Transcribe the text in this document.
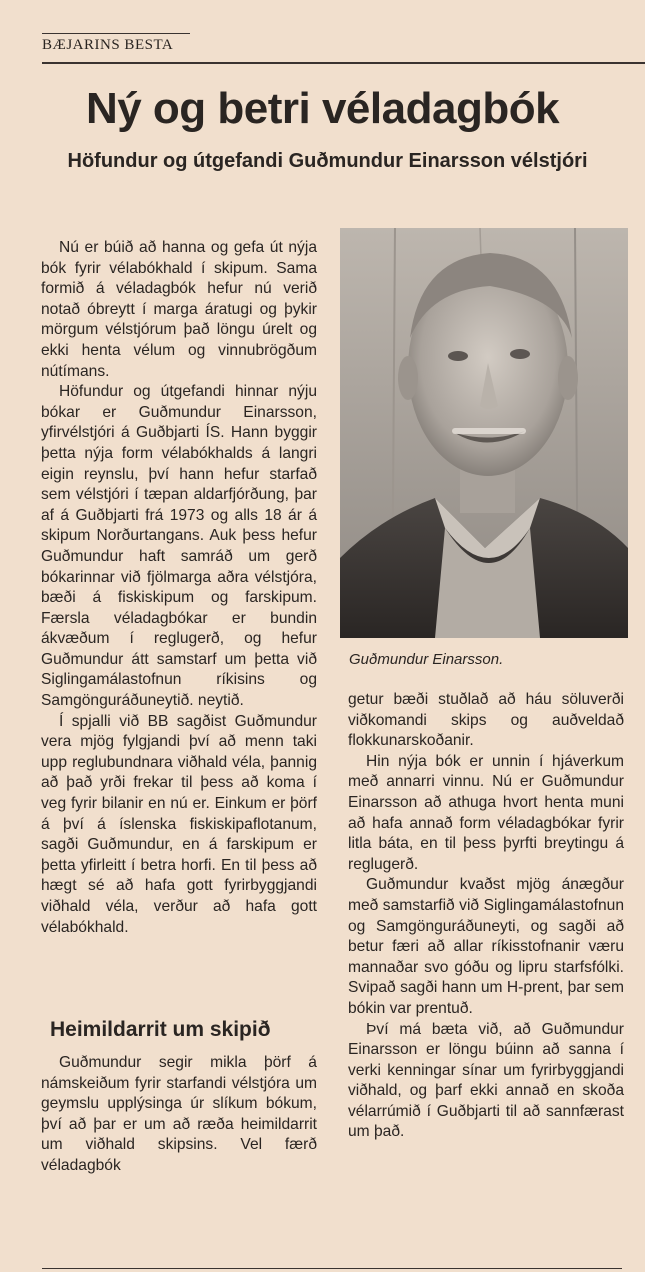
BÆJARINS BESTA
Ný og betri véladagbók
Höfundur og útgefandi Guðmundur Einarsson vélstjóri

Nú er búið að hanna og gefa út nýja bók fyrir vélabókhald í skipum. Sama formið á véladagbók hefur nú verið notað óbreytt í marga áratugi og þykir mörgum vélstjórum það löngu úrelt og ekki henta vélum og vinnubrögðum nútímans.

Höfundur og útgefandi hinnar nýju bókar er Guðmundur Einarsson, yfirvélstjóri á Guðbjarti ÍS. Hann byggir þetta nýja form vélabókhalds á langri eigin reynslu, því hann hefur starfað sem vélstjóri í tæpan aldarfjórðung, þar af á Guðbjarti frá 1973 og alls 18 ár á skipum Norðurtangans. Auk þess hefur Guðmundur haft samráð um gerð bókarinnar við fjölmarga aðra vélstjóra, bæði á fiskiskipum og farskipum. Færsla véladagbókar er bundin ákvæðum í reglugerð, og hefur Guðmundur átt samstarf um þetta við Siglingamálastofnun ríkisins og Samgönguráðuneytið. neytið.

Í spjalli við BB sagðist Guðmundur vera mjög fylgjandi því að menn taki upp reglubundnara viðhald véla, þannig að það yrði frekar til þess að koma í veg fyrir bilanir en nú er. Einkum er þörf á því á íslenska fiskiskipaflotanum, sagði Guðmundur, en á farskipum er þetta yfirleitt í betra horfi. En til þess að hægt sé að hafa gott fyrirbyggjandi viðhald véla, verður að hafa gott vélabókhald.

Heimildarrit um skipið

Guðmundur segir mikla þörf á námskeiðum fyrir starfandi vélstjóra um geymslu upplýsinga úr slíkum bókum, því að þar er um að ræða heimildarrit um viðhald skipsins. Vel færð véladagbók

Guðmundur Einarsson.

getur bæði stuðlað að háu söluverði viðkomandi skips og auðveldað flokkunarskoðanir.

Hin nýja bók er unnin í hjáverkum með annarri vinnu. Nú er Guðmundur Einarsson að athuga hvort henta muni að hafa annað form véladagbókar fyrir litla báta, en til þess þyrfti breytingu á reglugerð.

Guðmundur kvaðst mjög ánægður með samstarfið við Siglingamálastofnun og Samgönguráðuneyti, og sagði að betur færi að allar ríkisstofnanir væru mannaðar svo góðu og lipru starfsfólki. Svipað sagði hann um H-prent, þar sem bókin var prentuð.

Því má bæta við, að Guðmundur Einarsson er löngu búinn að sanna í verki kenningar sínar um fyrirbyggjandi viðhald, og þarf ekki annað en skoða vélarrúmið í Guðbjarti til að sannfærast um það.
